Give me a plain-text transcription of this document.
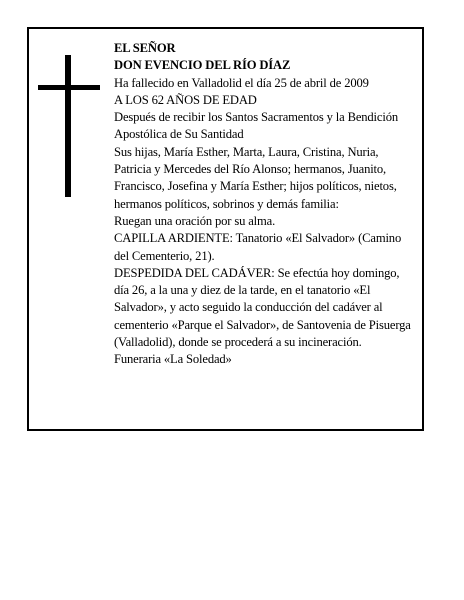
EL SEÑOR

DON EVENCIO DEL RÍO DÍAZ

Ha fallecido en Valladolid el día 25 de abril de 2009

A LOS 62 AÑOS DE EDAD

Después de recibir los Santos Sacramentos y la Bendición Apostólica de Su Santidad

Sus hijas, María Esther, Marta, Laura, Cristina, Nuria, Patricia y Mercedes del Río Alonso; hermanos, Juanito, Francisco, Josefina y María Esther; hijos políticos, nietos, hermanos políticos, sobrinos y demás familia:

Ruegan una oración por su alma.

CAPILLA ARDIENTE: Tanatorio «El Salvador» (Camino del Cementerio, 21).

DESPEDIDA DEL CADÁVER: Se efectúa hoy domingo, día 26, a la una y diez de la tarde, en el tanatorio «El Salvador», y acto seguido la conducción del cadáver al cementerio «Parque el Salvador», de Santovenia de Pisuerga (Valladolid), donde se procederá a su incineración.

Funeraria «La Soledad»
